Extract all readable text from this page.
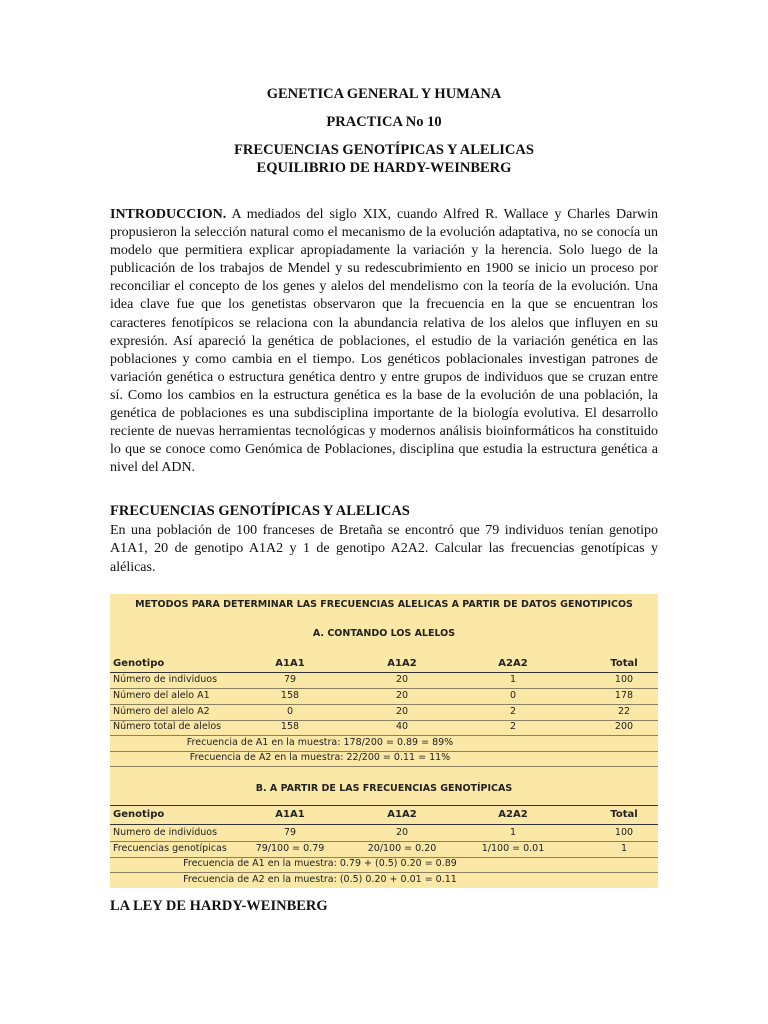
GENETICA GENERAL Y HUMANA
PRACTICA No 10
FRECUENCIAS GENOTÍPICAS Y ALELICAS
EQUILIBRIO DE HARDY-WEINBERG
INTRODUCCION. A mediados del siglo XIX, cuando Alfred R. Wallace y Charles Darwin propusieron la selección natural como el mecanismo de la evolución adaptativa, no se conocía un modelo que permitiera explicar apropiadamente la variación y la herencia. Solo luego de la publicación de los trabajos de Mendel y su redescubrimiento en 1900 se inicio un proceso por reconciliar el concepto de los genes y alelos del mendelismo con la teoría de la evolución. Una idea clave fue que los genetistas observaron que la frecuencia en la que se encuentran los caracteres fenotípicos se relaciona con la abundancia relativa de los alelos que influyen en su expresión. Así apareció la genética de poblaciones, el estudio de la variación genética en las poblaciones y como cambia en el tiempo. Los genéticos poblacionales investigan patrones de variación genética o estructura genética dentro y entre grupos de individuos que se cruzan entre sí. Como los cambios en la estructura genética es la base de la evolución de una población, la genética de poblaciones es una subdisciplina importante de la biología evolutiva. El desarrollo reciente de nuevas herramientas tecnológicas y modernos análisis bioinformáticos ha constituido lo que se conoce como Genómica de Poblaciones, disciplina que estudia la estructura genética a nivel del ADN.
FRECUENCIAS GENOTÍPICAS Y ALELICAS
En una población de 100 franceses de Bretaña se encontró que 79 individuos tenían genotipo A1A1, 20 de genotipo A1A2 y 1 de genotipo A2A2. Calcular las frecuencias genotípicas y alélicas.
METODOS PARA DETERMINAR LAS FRECUENCIAS ALELICAS A PARTIR DE DATOS GENOTIPICOS
A. CONTANDO LOS ALELOS
Genotipo	A1A1	A1A2	A2A2	Total
Número de individuos	79	20	1	100
Número del alelo A1	158	20	0	178
Número del alelo A2	0	20	2	22
Número total de alelos	158	40	2	200
Frecuencia de A1 en la muestra: 178/200 = 0.89 = 89%
Frecuencia de A2 en la muestra: 22/200 = 0.11 = 11%
B. A PARTIR DE LAS FRECUENCIAS GENOTÍPICAS
Genotipo	A1A1	A1A2	A2A2	Total
Numero de individuos	79	20	1	100
Frecuencias genotípicas	79/100 = 0.79	20/100 = 0.20	1/100 = 0.01	1
Frecuencia de A1 en la muestra: 0.79 + (0.5) 0.20 = 0.89
Frecuencia de A2 en la muestra: (0.5) 0.20 + 0.01 = 0.11
LA LEY DE HARDY-WEINBERG
